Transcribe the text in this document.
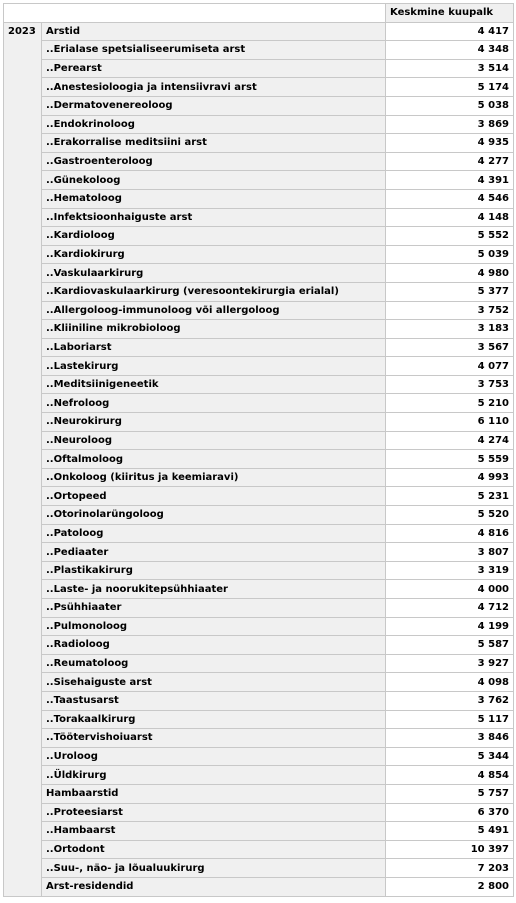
		Keskmine kuupalk
2023	Arstid	4 417
	..Erialase spetsialiseerumiseta arst	4 348
	..Perearst	3 514
	..Anestesioloogia ja intensiivravi arst	5 174
	..Dermatovenereoloog	5 038
	..Endokrinoloog	3 869
	..Erakorralise meditsiini arst	4 935
	..Gastroenteroloog	4 277
	..Günekoloog	4 391
	..Hematoloog	4 546
	..Infektsioonhaiguste arst	4 148
	..Kardioloog	5 552
	..Kardiokirurg	5 039
	..Vaskulaarkirurg	4 980
	..Kardiovaskulaarkirurg (veresoontekirurgia erialal)	5 377
	..Allergoloog-immunoloog või allergoloog	3 752
	..Kliiniline mikrobioloog	3 183
	..Laboriarst	3 567
	..Lastekirurg	4 077
	..Meditsiinigeneetik	3 753
	..Nefroloog	5 210
	..Neurokirurg	6 110
	..Neuroloog	4 274
	..Oftalmoloog	5 559
	..Onkoloog (kiiritus ja keemiaravi)	4 993
	..Ortopeed	5 231
	..Otorinolarüngoloog	5 520
	..Patoloog	4 816
	..Pediaater	3 807
	..Plastikakirurg	3 319
	..Laste- ja noorukitepsühhiaater	4 000
	..Psühhiaater	4 712
	..Pulmonoloog	4 199
	..Radioloog	5 587
	..Reumatoloog	3 927
	..Sisehaiguste arst	4 098
	..Taastusarst	3 762
	..Torakaalkirurg	5 117
	..Töötervishoiuarst	3 846
	..Uroloog	5 344
	..Üldkirurg	4 854
	Hambaarstid	5 757
	..Proteesiarst	6 370
	..Hambaarst	5 491
	..Ortodont	10 397
	..Suu-, näo- ja lõualuukirurg	7 203
	Arst-residendid	2 800
